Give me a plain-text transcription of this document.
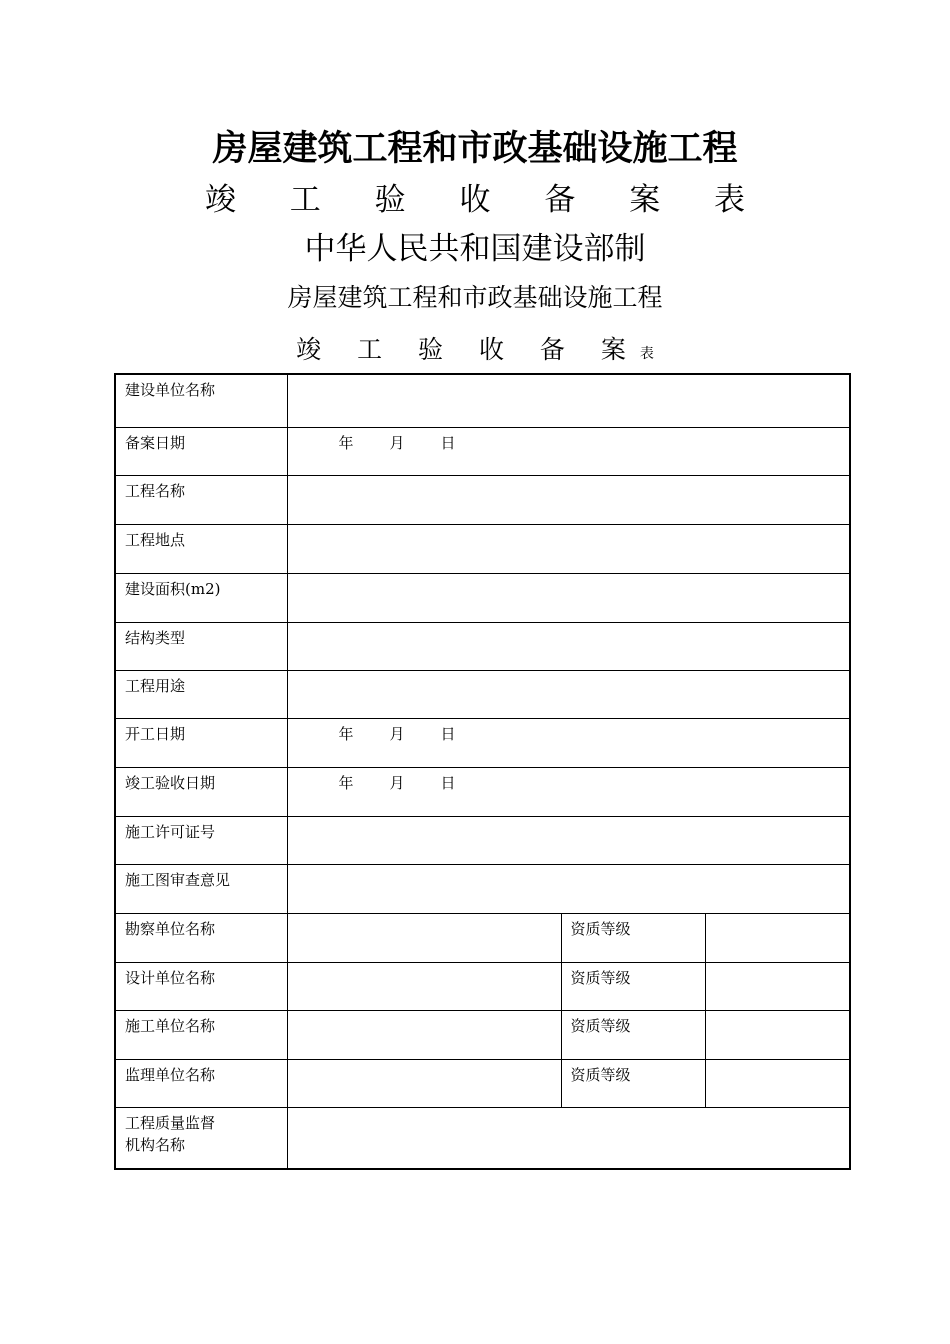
房屋建筑工程和市政基础设施工程
竣 工 验 收 备 案 表
中华人民共和国建设部制
房屋建筑工程和市政基础设施工程
竣 工 验 收 备 案表
建设单位名称			
备案日期	年 月 日		
工程名称			
工程地点			
建设面积(m2)			
结构类型			
工程用途			
开工日期	年 月 日		
竣工验收日期	年 月 日		
施工许可证号			
施工图审查意见			
勘察单位名称		资质等级	
设计单位名称		资质等级	
施工单位名称		资质等级	
监理单位名称		资质等级	
工程质量监督
机构名称			
